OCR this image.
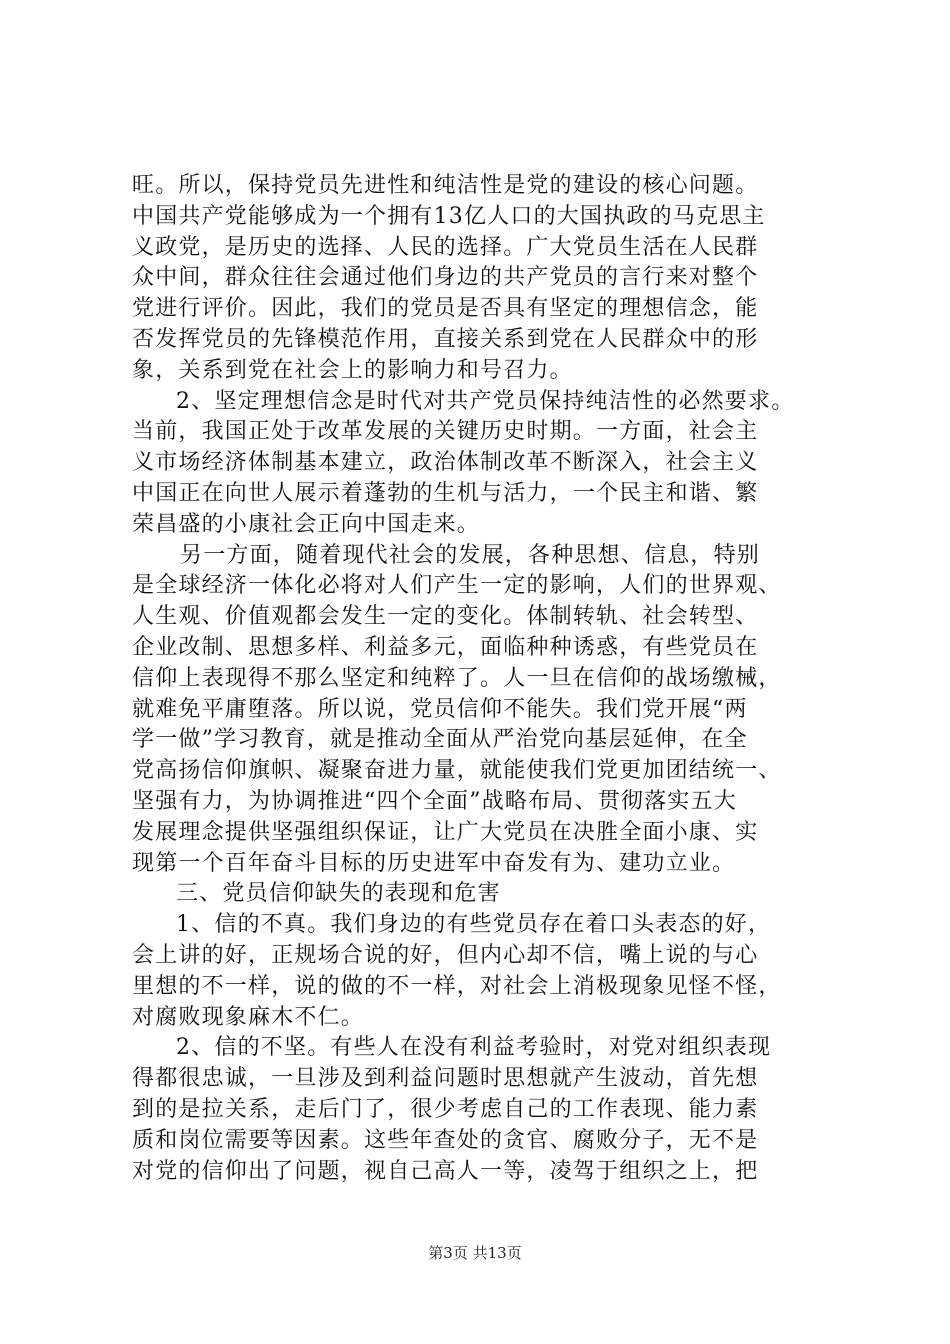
旺。所以，保持党员先进性和纯洁性是党的建设的核心问题。
中国共产党能够成为一个拥有13亿人口的大国执政的马克思主
义政党，是历史的选择、人民的选择。广大党员生活在人民群
众中间，群众往往会通过他们身边的共产党员的言行来对整个
党进行评价。因此，我们的党员是否具有坚定的理想信念，能
否发挥党员的先锋模范作用，直接关系到党在人民群众中的形
象，关系到党在社会上的影响力和号召力。
2、坚定理想信念是时代对共产党员保持纯洁性的必然要求。
当前，我国正处于改革发展的关键历史时期。一方面，社会主
义市场经济体制基本建立，政治体制改革不断深入，社会主义
中国正在向世人展示着蓬勃的生机与活力，一个民主和谐、繁
荣昌盛的小康社会正向中国走来。
另一方面，随着现代社会的发展，各种思想、信息，特别
是全球经济一体化必将对人们产生一定的影响，人们的世界观、
人生观、价值观都会发生一定的变化。体制转轨、社会转型、
企业改制、思想多样、利益多元，面临种种诱惑，有些党员在
信仰上表现得不那么坚定和纯粹了。人一旦在信仰的战场缴械，
就难免平庸堕落。所以说，党员信仰不能失。我们党开展“两
学一做”学习教育，就是推动全面从严治党向基层延伸，在全
党高扬信仰旗帜、凝聚奋进力量，就能使我们党更加团结统一、
坚强有力，为协调推进“四个全面”战略布局、贯彻落实五大
发展理念提供坚强组织保证，让广大党员在决胜全面小康、实
现第一个百年奋斗目标的历史进军中奋发有为、建功立业。
三、党员信仰缺失的表现和危害
1、信的不真。我们身边的有些党员存在着口头表态的好，
会上讲的好，正规场合说的好，但内心却不信，嘴上说的与心
里想的不一样，说的做的不一样，对社会上消极现象见怪不怪，
对腐败现象麻木不仁。
2、信的不坚。有些人在没有利益考验时，对党对组织表现
得都很忠诚，一旦涉及到利益问题时思想就产生波动，首先想
到的是拉关系，走后门了，很少考虑自己的工作表现、能力素
质和岗位需要等因素。这些年查处的贪官、腐败分子，无不是
对党的信仰出了问题，视自己高人一等，凌驾于组织之上，把
第3页 共13页
